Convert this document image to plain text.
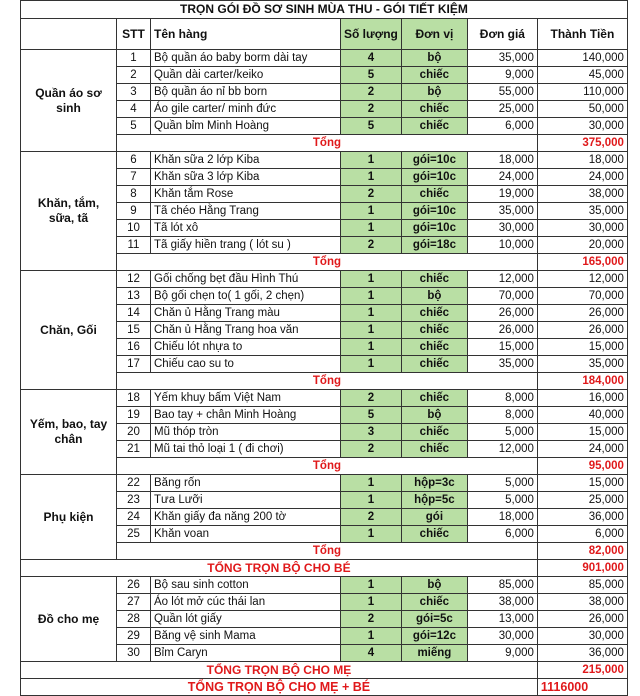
TRỌN GÓI ĐỒ SƠ SINH MÙA THU - GÓI TIẾT KIỆM						
	STT	Tên hàng	Số lượng	Đơn vị	Đơn giá	Thành Tiền
Quần áo sơ sinh	1	Bộ quần áo baby borm dài tay	4	bộ	35,000	140,000
	2	Quần dài carter/keiko	5	chiếc	9,000	45,000
	3	Bộ quần áo nỉ bb born	2	bộ	55,000	110,000
	4	Áo gile carter/ minh đức	2	chiếc	25,000	50,000
	5	Quần bỉm Minh Hoàng	5	chiếc	6,000	30,000
	Tổng					375,000
Khăn, tắm, sữa, tã	6	Khăn sữa 2 lớp Kiba	1	gói=10c	18,000	18,000
	7	Khăn sữa 3 lớp Kiba	1	gói=10c	24,000	24,000
	8	Khăn tắm Rose	2	chiếc	19,000	38,000
	9	Tã chéo Hằng Trang	1	gói=10c	35,000	35,000
	10	Tã lót xô	1	gói=10c	30,000	30,000
	11	Tã giấy hiền trang ( lót su )	2	gói=18c	10,000	20,000
	Tổng					165,000
Chăn, Gối	12	Gối chống bẹt đầu Hình Thú	1	chiếc	12,000	12,000
	13	Bộ gối chẹn to( 1 gối, 2 chẹn)	1	bộ	70,000	70,000
	14	Chăn ủ Hằng Trang màu	1	chiếc	26,000	26,000
	15	Chăn ủ Hằng Trang hoa văn	1	chiếc	26,000	26,000
	16	Chiếu lót nhựa to	1	chiếc	15,000	15,000
	17	Chiếu cao su to	1	chiếc	35,000	35,000
	Tổng					184,000
Yếm, bao, tay chân	18	Yếm khuy bấm Việt Nam	2	chiếc	8,000	16,000
	19	Bao tay + chân Minh Hoàng	5	bộ	8,000	40,000
	20	Mũ thóp tròn	3	chiếc	5,000	15,000
	21	Mũ tai thỏ loại 1 ( đi chơi)	2	chiếc	12,000	24,000
	Tổng					95,000
Phụ kiện	22	Băng rốn	1	hộp=3c	5,000	15,000
	23	Tưa Lưỡi	1	hộp=5c	5,000	25,000
	24	Khăn giấy đa năng 200 tờ	2	gói	18,000	36,000
	25	Khăn voan	1	chiếc	6,000	6,000
	Tổng					82,000
TỔNG TRỌN BỘ CHO BÉ						901,000
Đồ cho mẹ	26	Bộ sau sinh cotton	1	bộ	85,000	85,000
	27	Áo lót mở cúc thái lan	1	chiếc	38,000	38,000
	28	Quần lót giấy	2	gói=5c	13,000	26,000
	29	Băng vệ sinh Mama	1	gói=12c	30,000	30,000
	30	Bỉm Caryn	4	miếng	9,000	36,000
TỔNG TRỌN BỘ CHO MẸ						215,000
TỔNG TRỌN BỘ CHO MẸ + BÉ						1116000
